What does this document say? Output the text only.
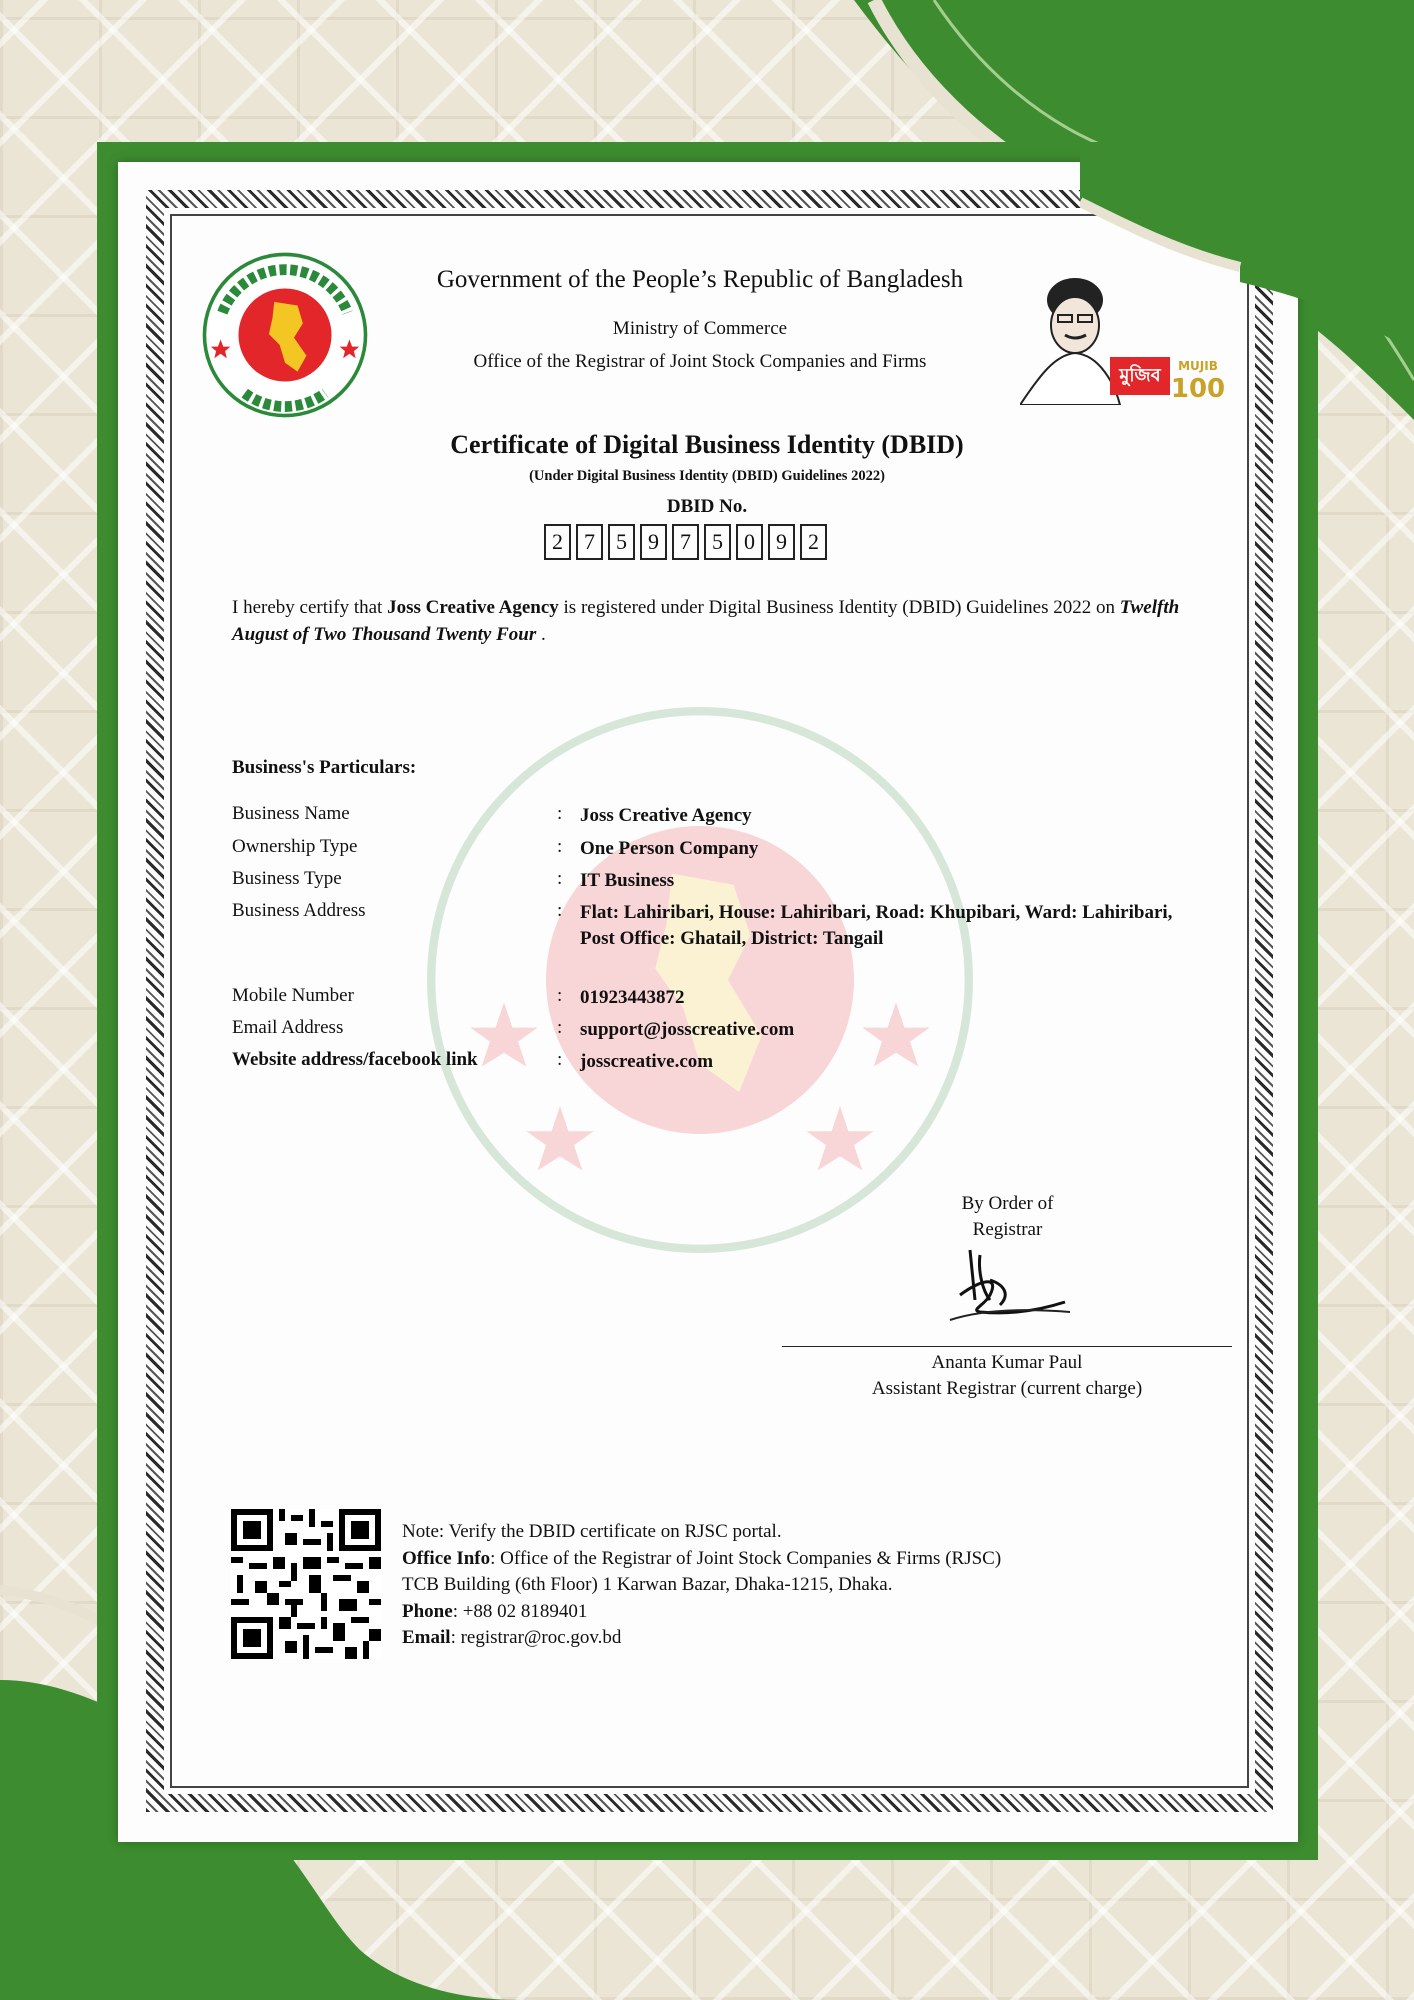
মুজিব MUJIB
100
Government of the People’s Republic of Bangladesh
Ministry of Commerce
Office of the Registrar of Joint Stock Companies and Firms
Certificate of Digital Business Identity (DBID)
(Under Digital Business Identity (DBID) Guidelines 2022)
DBID No.
2 7 5 9 7 5 0 9 2
I hereby certify that Joss Creative Agency is registered under Digital Business Identity (DBID) Guidelines 2022 on Twelfth August of Two Thousand Twenty Four .
Business's Particulars:
Business Name	: Joss Creative Agency
Ownership Type	: One Person Company
Business Type	: IT Business
Business Address	: Flat: Lahiribari, House: Lahiribari, Road: Khupibari, Ward: Lahiribari,
Post Office: Ghatail, District: Tangail
Mobile Number	: 01923443872
Email Address	: support@josscreative.com
Website address/facebook link	: josscreative.com
By Order of
Registrar
Ananta Kumar Paul
Assistant Registrar (current charge)
Note: Verify the DBID certificate on RJSC portal.
Office Info: Office of the Registrar of Joint Stock Companies & Firms (RJSC)
TCB Building (6th Floor) 1 Karwan Bazar, Dhaka-1215, Dhaka.
Phone: +88 02 8189401
Email: registrar@roc.gov.bd
